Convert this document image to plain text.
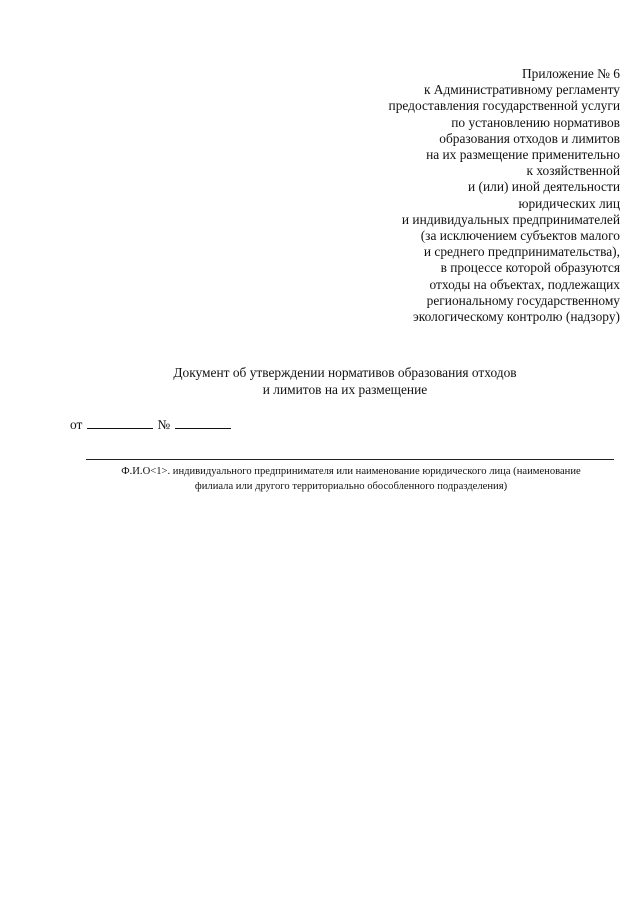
Приложение № 6
к Административному регламенту
предоставления государственной услуги
по установлению нормативов
образования отходов и лимитов
на их размещение применительно
к хозяйственной
и (или) иной деятельности
юридических лиц
и индивидуальных предпринимателей
(за исключением субъектов малого
и среднего предпринимательства),
в процессе которой образуются
отходы на объектах, подлежащих
региональному государственному
экологическому контролю (надзору)
Документ об утверждении нормативов образования отходов
и лимитов на их размещение
от	№
Ф.И.О<1>. индивидуального предпринимателя или наименование юридического лица (наименование
филиала или другого территориально обособленного подразделения)
